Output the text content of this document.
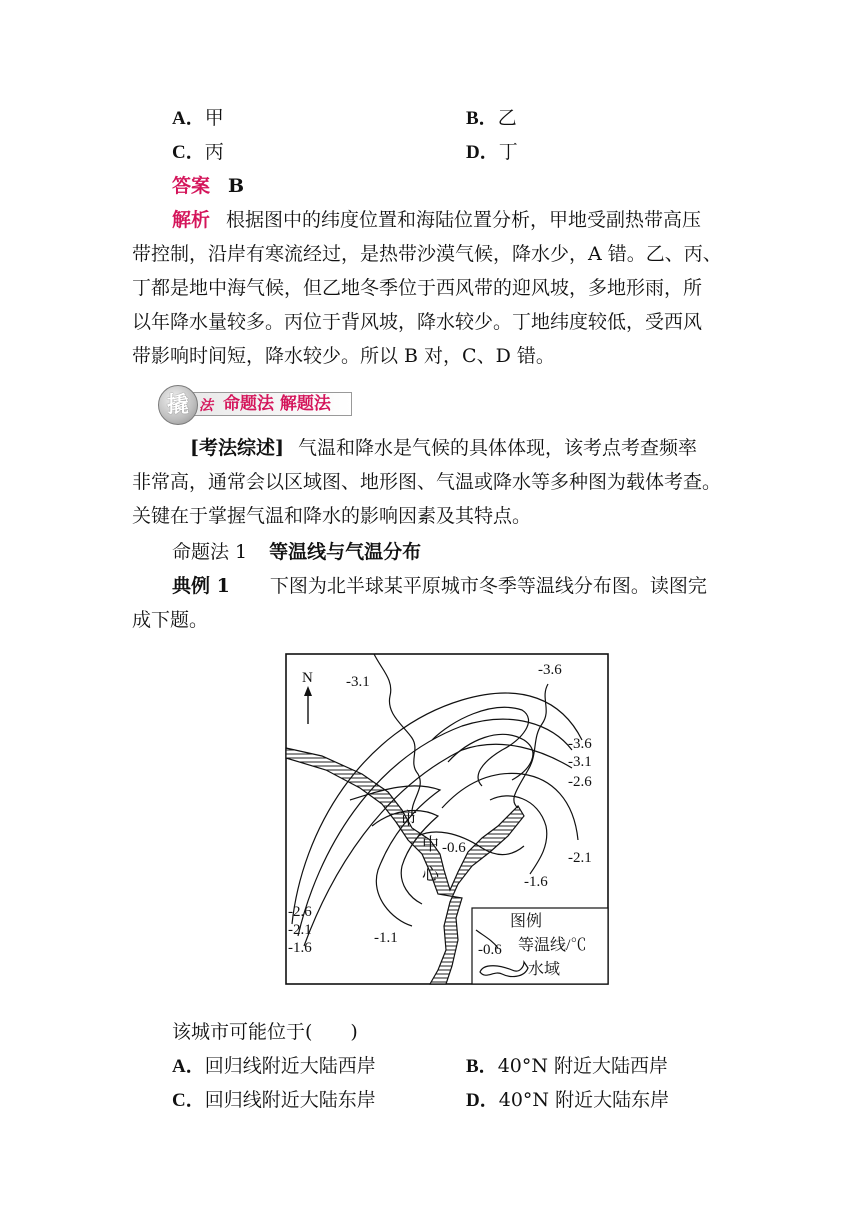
A．甲	B．乙
C．丙	D．丁
答案 B
解析 根据图中的纬度位置和海陆位置分析，甲地受副热带高压
带控制，沿岸有寒流经过，是热带沙漠气候，降水少，A 错。乙、丙、
丁都是地中海气候，但乙地冬季位于西风带的迎风坡，多地形雨，所
以年降水量较多。丙位于背风坡，降水较少。丁地纬度较低，受西风
带影响时间短，降水较少。所以 B 对，C、D 错。
法 命题法 解题法
撬
[考法综述] 气温和降水是气候的具体体现，该考点考查频率
非常高，通常会以区域图、地形图、气温或降水等多种图为载体考查。
关键在于掌握气温和降水的影响因素及其特点。
命题法 1 等温线与气温分布
典例 1 下图为北半球某平原城市冬季等温线分布图。读图完
成下题。
N -3.1
-3.6
-3.6
-3.1
-2.6
-2.1
-1.6
-2.6
-2.1
-1.6
-1.1
-0.6
市
中
心
图例
-0.6 等温线/℃
水域
该城市可能位于(　　)
A．回归线附近大陆西岸	B．40°N 附近大陆西岸
C．回归线附近大陆东岸	D．40°N 附近大陆东岸
